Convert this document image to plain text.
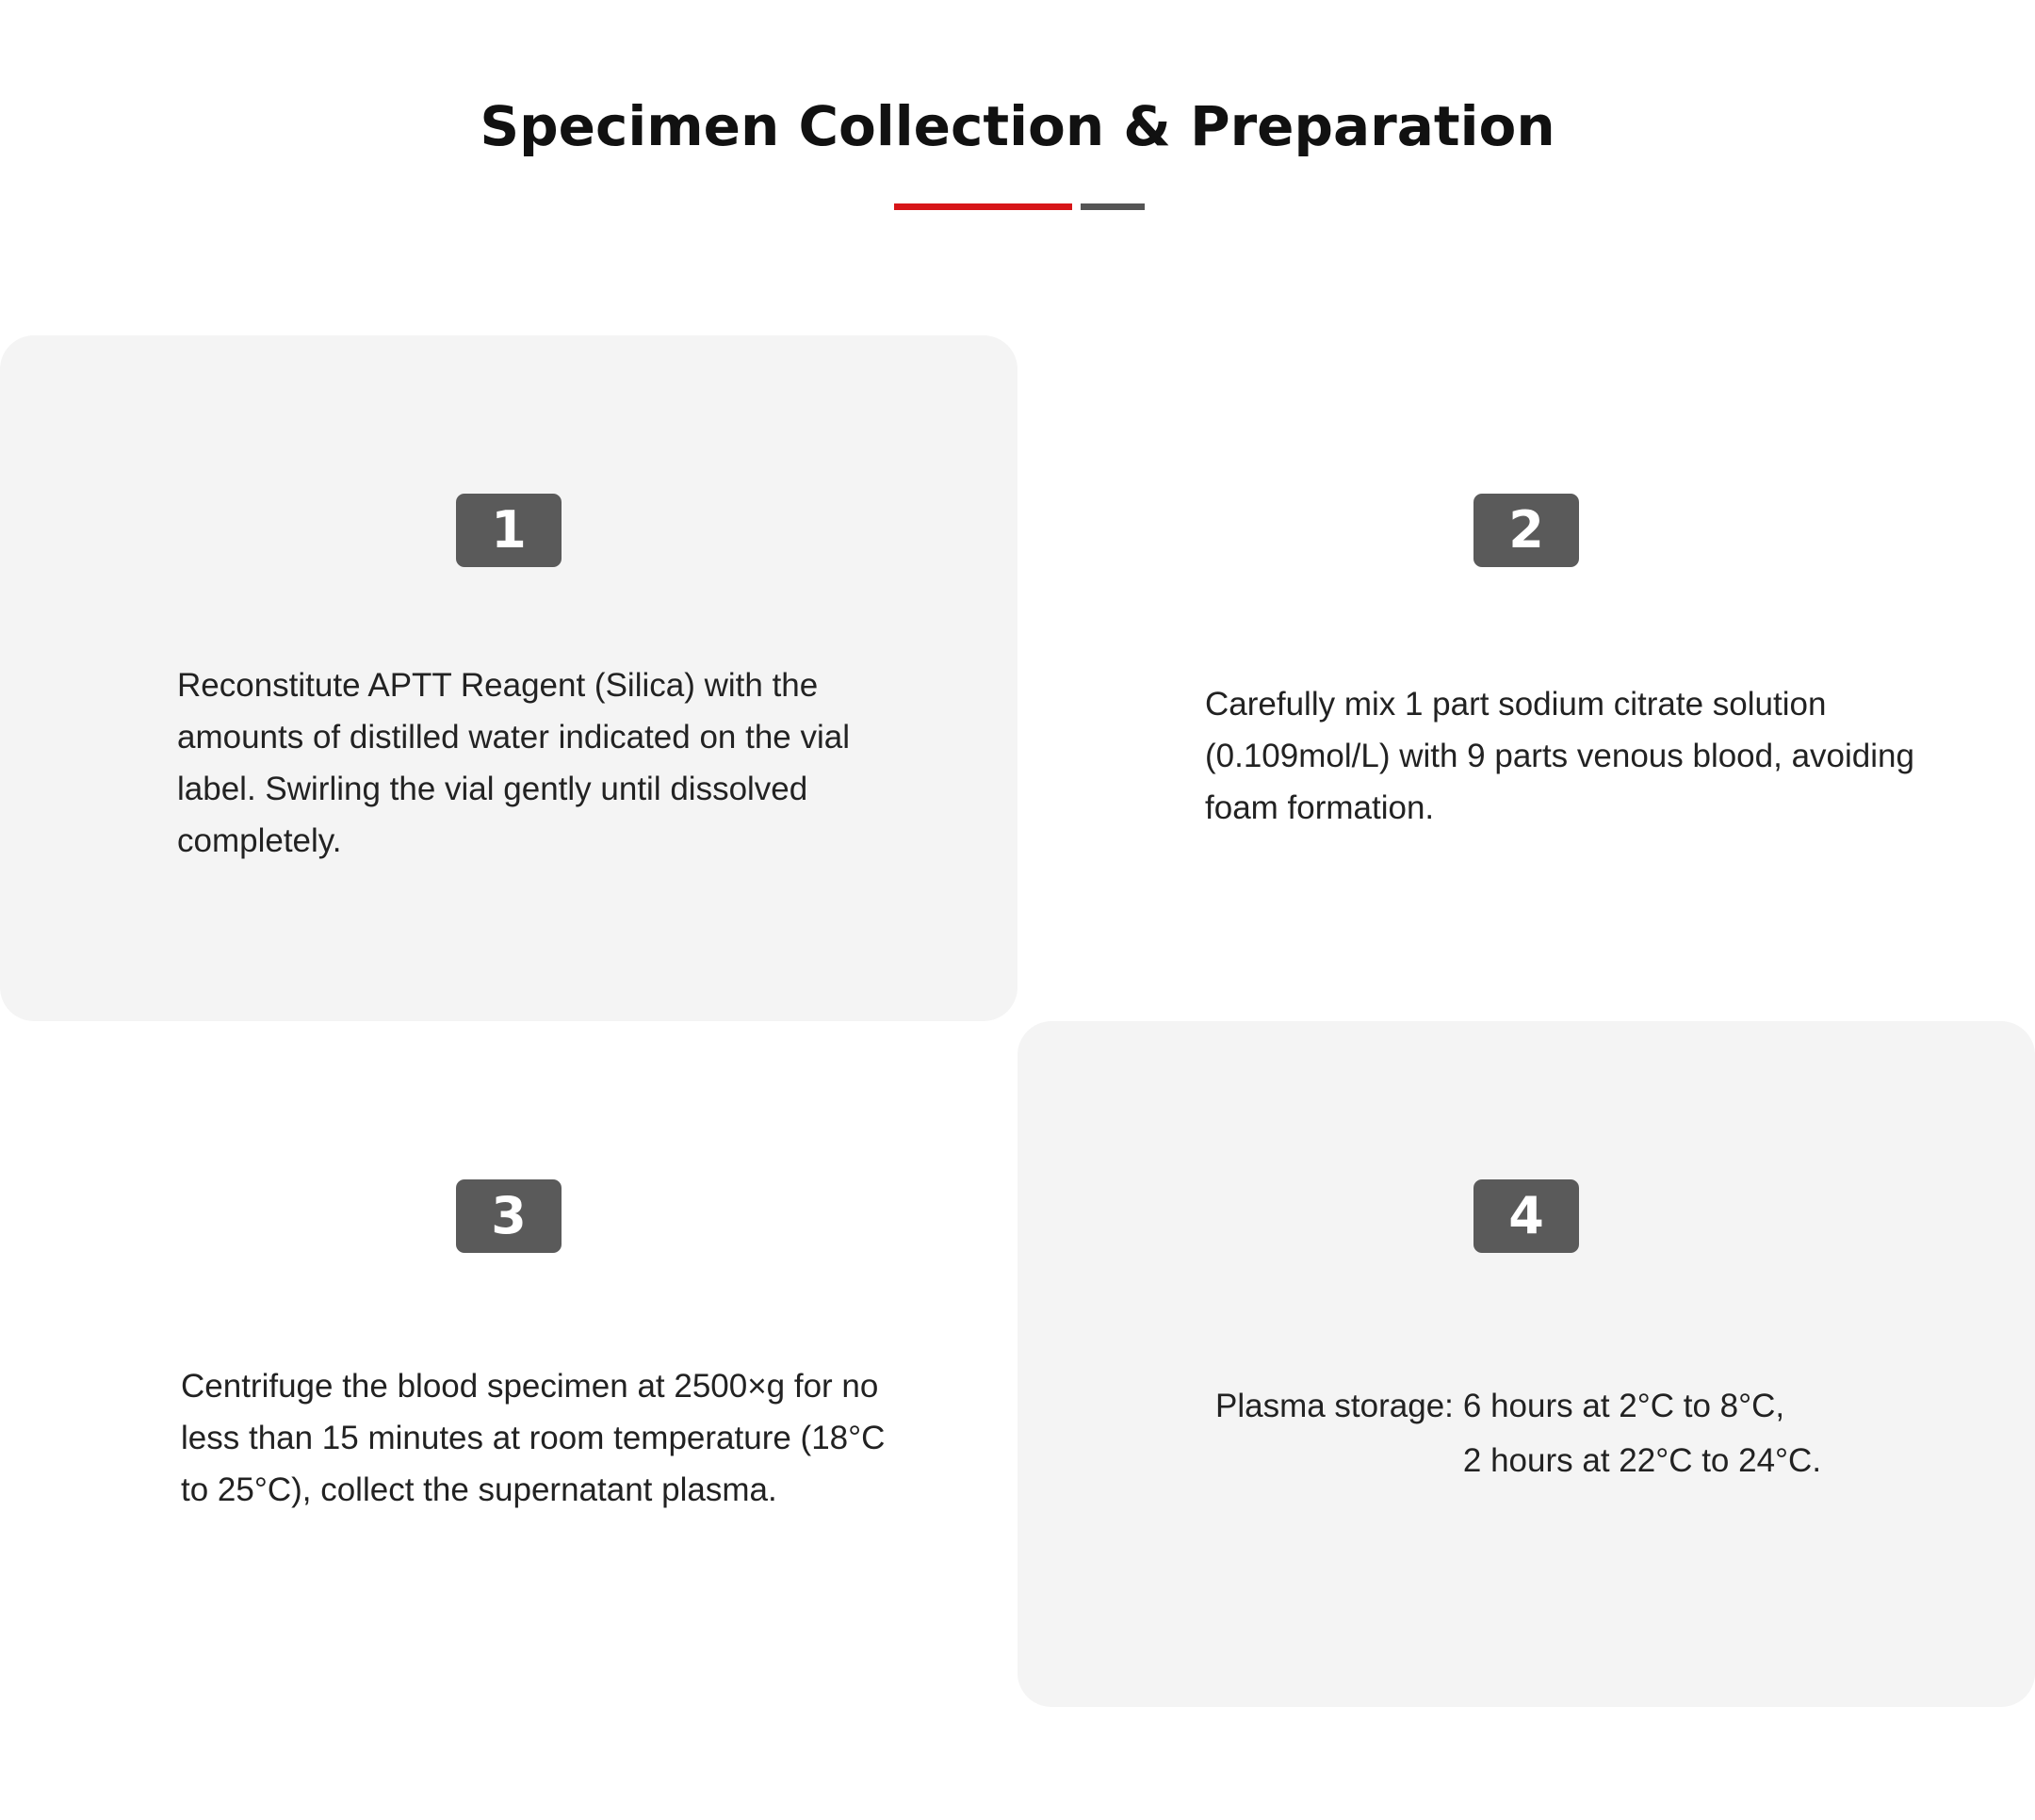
Specimen Collection & Preparation
1

Reconstitute APTT Reagent (Silica) with the amounts of distilled water indicated on the vial label. Swirling the vial gently until dissolved completely.

2

Carefully mix 1 part sodium citrate solution (0.109mol/L) with 9 parts venous blood, avoiding foam formation.

3

Centrifuge the blood specimen at 2500×g for no less than 15 minutes at room temperature (18°C to 25°C), collect the supernatant plasma.

4
Plasma storage: 6 hours at 2°C to 8°C,
2 hours at 22°C to 24°C.
